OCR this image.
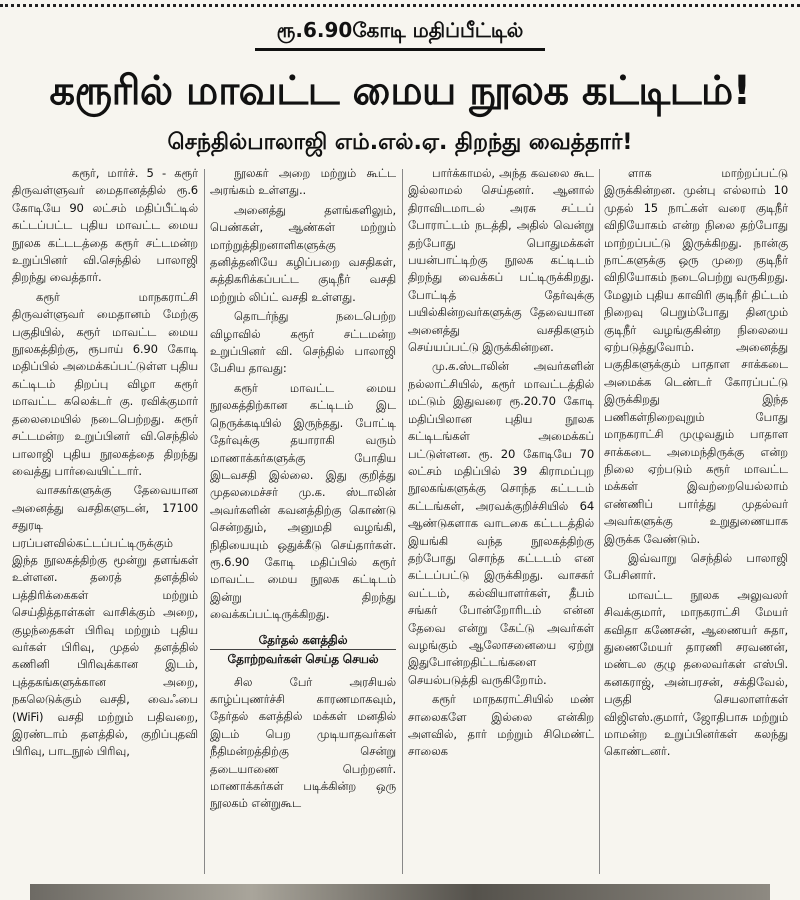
ரூ.6.90கோடி மதிப்பீட்டில்
கரூரில் மாவட்ட மைய நூலக கட்டிடம்!
செந்தில்பாலாஜி எம்.எல்.ஏ. திறந்து வைத்தார்!

கரூர், மார்ச். 5 - கரூர் திருவள்ளுவர் மைதானத்தில் ரூ.6 கோடியே 90 லட்சம் மதிப்பீட்டில் கட்டப்பட்ட புதிய மாவட்ட மைய நூலக கட்டடத்தை கரூர் சட்டமன்ற உறுப்பினர் வி.செந்தில் பாலாஜி திறந்து வைத்தார்.

கரூர் மாநகராட்சி திருவள்ளுவர் மைதானம் மேற்கு பகுதியில், கரூர் மாவட்ட மைய நூலகத்திற்கு, ரூபாய் 6.90 கோடி மதிப்பில் அமைக்கப்பட்டுள்ள புதிய கட்டிடம் திறப்பு விழா கரூர் மாவட்ட கலெக்டர் கு. ரவிக்குமார் தலைமையில் நடைபெற்றது. கரூர் சட்டமன்ற உறுப்பினர் வி.செந்தில் பாலாஜி புதிய நூலகத்தை திறந்து வைத்து பார்வையிட்டார்.

வாசகர்களுக்கு தேவையான அனைத்து வசதிகளுடன், 17100 சதுரடி பரப்பளவில்கட்டப்பட்டிருக்கும் இந்த நூலகத்திற்கு மூன்று தளங்கள் உள்ளன. தரைத் தளத்தில் பத்திரிக்கைகள் மற்றும் செய்தித்தாள்கள் வாசிக்கும் அறை, குழந்தைகள் பிரிவு மற்றும் புதிய வர்கள் பிரிவு, முதல் தளத்தில் கணினி பிரிவுக்கான இடம், புத்தகங்களுக்கான அறை, நகலெடுக்கும் வசதி, வைஃபை (WiFi) வசதி மற்றும் பதிவறை, இரண்டாம் தளத்தில், குறிப்புதவி பிரிவு, பாடநூல் பிரிவு,

நூலகர் அறை மற்றும் கூட்ட அரங்கம் உள்ளது..

அனைத்து தளங்களிலும், பெண்கள், ஆண்கள் மற்றும் மாற்றுத்திறனாளிகளுக்கு தனித்தனியே கழிப்பறை வசதிகள், சுத்திகரிக்கப்பட்ட குடிநீர் வசதி மற்றும் லிப்ட் வசதி உள்ளது.

தொடர்ந்து நடைபெற்ற விழாவில் கரூர் சட்டமன்ற உறுப்பினர் வி. செந்தில் பாலாஜி பேசிய தாவது:

கரூர் மாவட்ட மைய நூலகத்திற்கான கட்டிடம் இட நெருக்கடியில் இருந்தது. போட்டி தேர்வுக்கு தயாராகி வரும் மாணாக்கர்களுக்கு போதிய இடவசதி இல்லை. இது குறித்து முதலமைச்சர் மு.க. ஸ்டாலின் அவர்களின் கவனத்திற்கு கொண்டு சென்றதும், அனுமதி வழங்கி, நிதியையும் ஒதுக்கீடு செய்தார்கள். ரூ.6.90 கோடி மதிப்பில் கரூர் மாவட்ட மைய நூலக கட்டிடம் இன்று திறந்து வைக்கப்பட்டிருக்கிறது.

தேர்தல் களத்தில்
தோற்றவர்கள் செய்த செயல்

சில பேர் அரசியல் காழ்ப்புணர்ச்சி காரணமாகவும், தேர்தல் களத்தில் மக்கள் மனதில் இடம் பெற முடியாதவர்கள் நீதிமன்றத்திற்கு சென்று தடையாணை பெற்றனர். மாணாக்கர்கள் படிக்கின்ற ஒரு நூலகம் என்றுகூட

பார்க்காமல், அந்த கவலை கூட இல்லாமல் செய்தனர். ஆனால் திராவிடமாடல் அரசு சட்டப் போராட்டம் நடத்தி, அதில் வென்று தற்போது பொதுமக்கள் பயன்பாட்டிற்கு நூலக கட்டிடம் திறந்து வைக்கப் பட்டிருக்கிறது. போட்டித் தேர்வுக்கு பயில்கின்றவர்களுக்கு தேவையான அனைத்து வசதிகளும் செய்யப்பட்டு இருக்கின்றன.

மு.க.ஸ்டாலின் அவர்களின் நல்லாட்சியில், கரூர் மாவட்டத்தில் மட்டும் இதுவரை ரூ.20.70 கோடி மதிப்பிலான புதிய நூலக கட்டிடங்கள் அமைக்கப் பட்டுள்ளன. ரூ. 20 கோடியே 70 லட்சம் மதிப்பில் 39 கிராமப்புற நூலகங்களுக்கு சொந்த கட்டடம் கட்டங்கள், அரவக்குறிச்சியில் 64 ஆண்டுகளாக வாடகை கட்டடத்தில் இயங்கி வந்த நூலகத்திற்கு தற்போது சொந்த கட்டடம் என கட்டப்பட்டு இருக்கிறது. வாசகர் வட்டம், கல்வியாளர்கள், தீபம் சங்கர் போன்றோரிடம் என்ன தேவை என்று கேட்டு அவர்கள் வழங்கும் ஆலோசனையை ஏற்று இதுபோன்றதிட்டங்களை செயல்படுத்தி வருகிறோம்.

கரூர் மாநகராட்சியில் மண் சாலைகளே இல்லை என்கிற அளவில், தார் மற்றும் சிமெண்ட் சாலைக

ளாக மாற்றப்பட்டு இருக்கின்றன. முன்பு எல்லாம் 10 முதல் 15 நாட்கள் வரை குடிநீர் விநியோகம் என்ற நிலை தற்போது மாற்றப்பட்டு இருக்கிறது. நான்கு நாட்களுக்கு ஒரு முறை குடிநீர் விநியோகம் நடைபெற்று வருகிறது. மேலும் புதிய காவிரி குடிநீர் திட்டம் நிறைவு பெறும்போது தினமும் குடிநீர் வழங்குகின்ற நிலையை ஏற்படுத்துவோம். அனைத்து பகுதிகளுக்கும் பாதாள சாக்கடை அமைக்க டெண்டர் கோரப்பட்டு இருக்கிறது இந்த பணிகள்நிறைவுறும் போது மாநகராட்சி முழுவதும் பாதாள சாக்கடை அமைந்திருக்கு என்ற நிலை ஏற்படும் கரூர் மாவட்ட மக்கள் இவற்றையெல்லாம் எண்ணிப் பார்த்து முதல்வர் அவர்களுக்கு உறுதுணையாக இருக்க வேண்டும்.

இவ்வாறு செந்தில் பாலாஜி பேசினார்.

மாவட்ட நூலக அலுவலர் சிவக்குமார், மாநகராட்சி மேயர் கவிதா கணேசன், ஆணையர் சுதா, துணைமேயர் தாரணி சரவணன், மண்டல குழு தலைவர்கள் எஸ்பி. கனகராஜ், அன்பரசன், சக்திவேல், பகுதி செயலாளர்கள் விஜிஎஸ்.குமார், ஜோதிபாசு மற்றும் மாமன்ற உறுப்பினர்கள் கலந்து கொண்டனர்.
